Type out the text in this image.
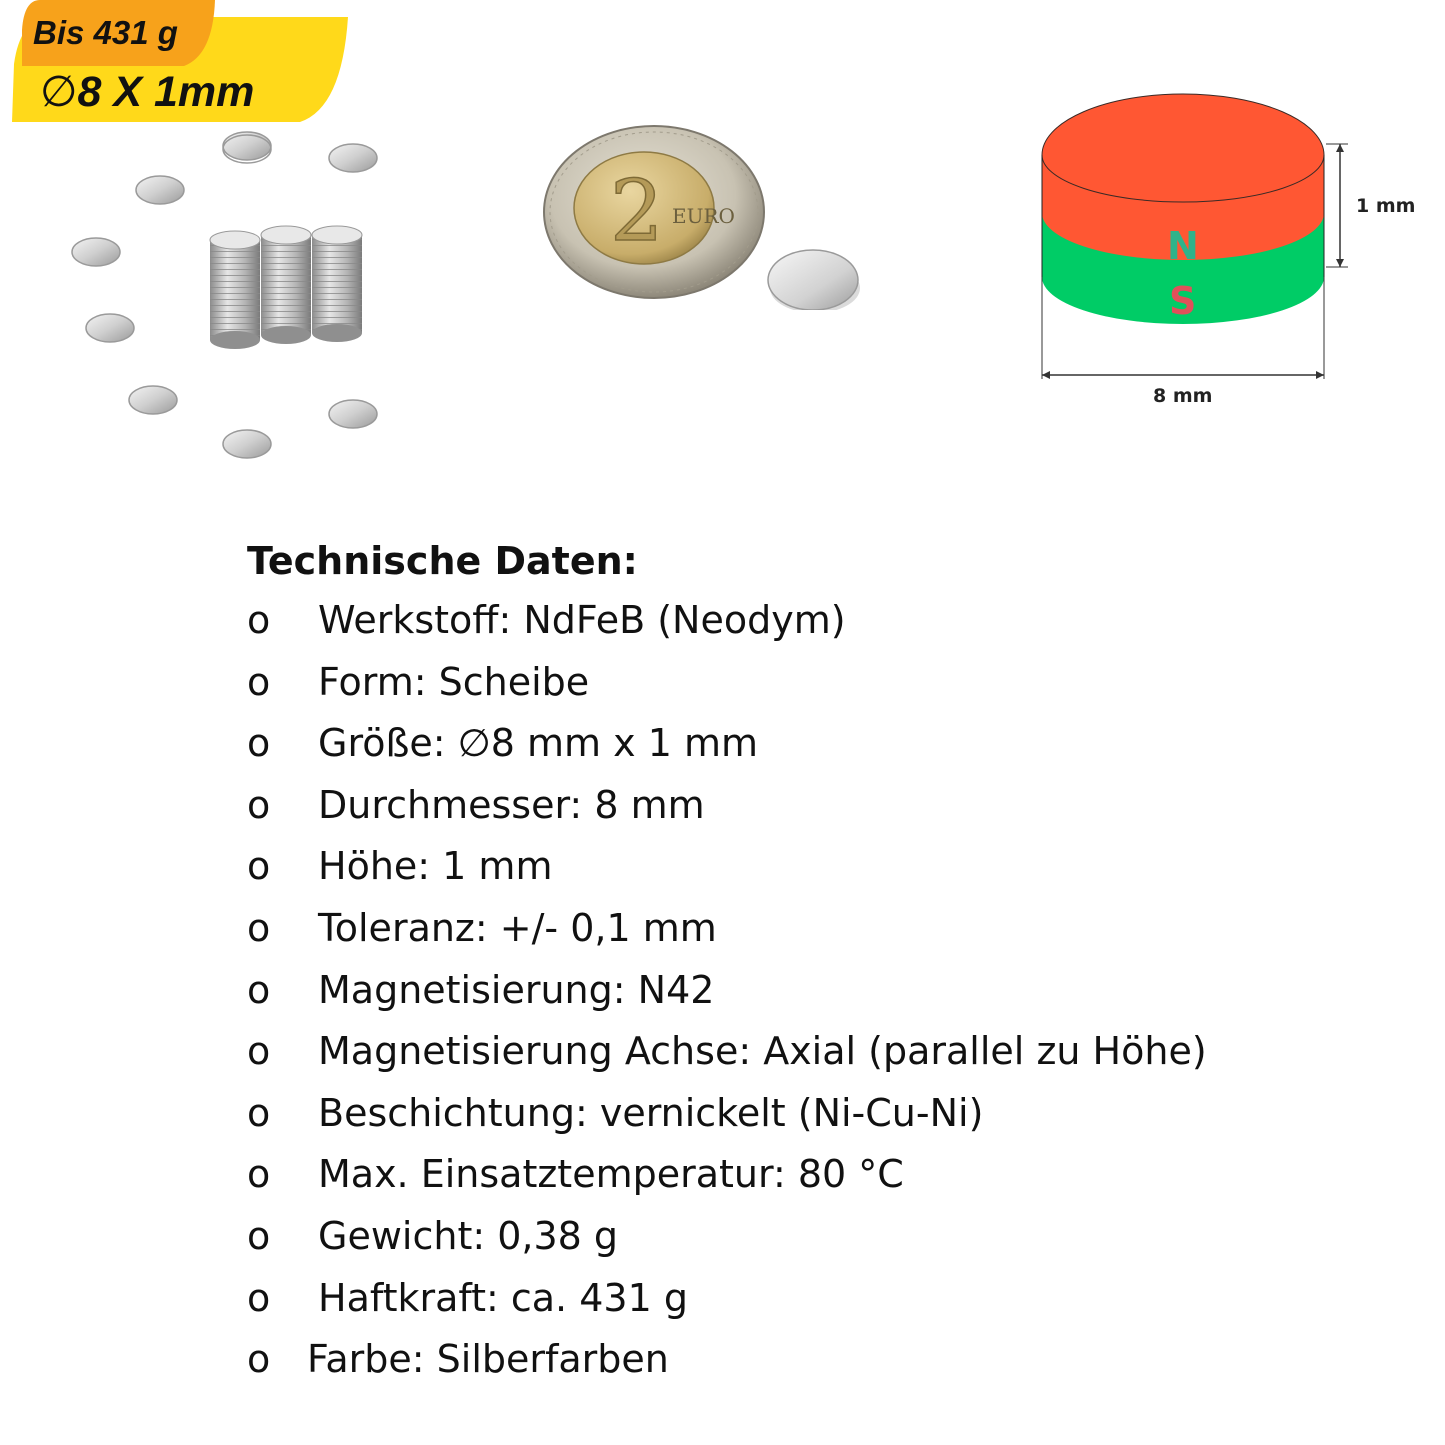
Bis 431 g
∅8 X 1mm
2 EURO
N
S
1 mm
8 mm
Technische Daten:
o Werkstoff: NdFeB (Neodym)
o Form: Scheibe
o Größe: ∅8 mm x 1 mm
o Durchmesser: 8 mm
o Höhe: 1 mm
o Toleranz: +/- 0,1 mm
o Magnetisierung: N42
o Magnetisierung Achse: Axial (parallel zu Höhe)
o Beschichtung: vernickelt (Ni-Cu-Ni)
o Max. Einsatztemperatur: 80 °C
o Gewicht: 0,38 g
o Haftkraft: ca. 431 g
o Farbe: Silberfarben
